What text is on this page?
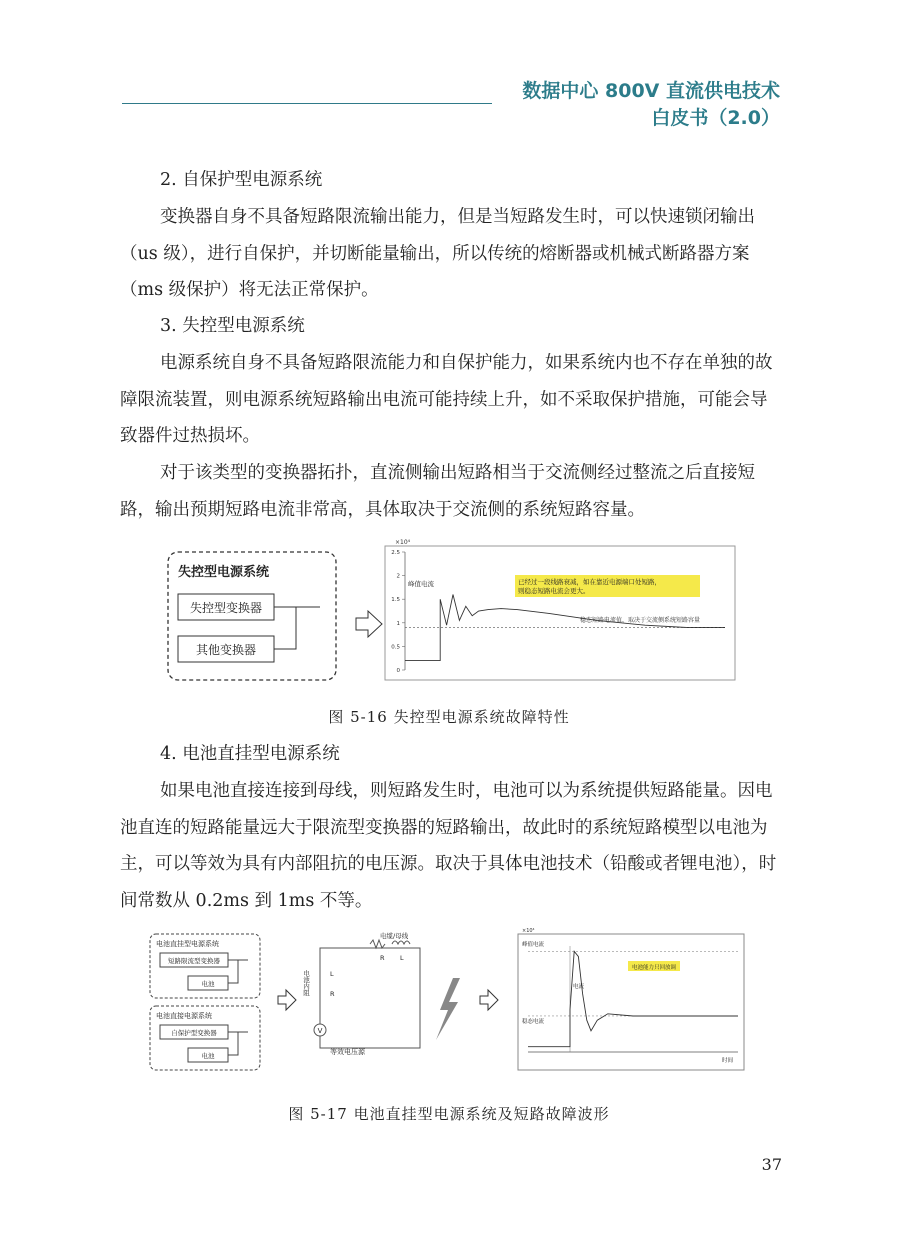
数据中心 800V 直流供电技术
白皮书（2.0）

2. 自保护型电源系统

变换器自身不具备短路限流输出能力，但是当短路发生时，可以快速锁闭输出（us 级），进行自保护，并切断能量输出，所以传统的熔断器或机械式断路器方案（ms 级保护）将无法正常保护。

3. 失控型电源系统

电源系统自身不具备短路限流能力和自保护能力，如果系统内也不存在单独的故障限流装置，则电源系统短路输出电流可能持续上升，如不采取保护措施，可能会导致器件过热损坏。

对于该类型的变换器拓扑，直流侧输出短路相当于交流侧经过整流之后直接短路，输出预期短路电流非常高，具体取决于交流侧的系统短路容量。

失控型电源系统
失控型变换器
其他变换器
0
0.5
1
1.5
2
2.5
峰值电流	已经过一段线路衰减，如在靠近电源端口处短路，
则稳态短路电流会更大。
稳态短路电流值，取决于交流侧系统短路容量
×10⁴
图 5-16 失控型电源系统故障特性

4. 电池直挂型电源系统

如果电池直接连接到母线，则短路发生时，电池可以为系统提供短路能量。因电池直连的短路能量远大于限流型变换器的短路输出，故此时的系统短路模型以电池为主，可以等效为具有内部阻抗的电压源。取决于具体电池技术（铅酸或者锂电池），时间常数从 0.2ms 到 1ms 不等。

电池直挂型电源系统
短路限流型变换器
电池
电池直接电源系统
自保护型变换器
电池
电缆/母线
R L
电池内阻	L
R
V
等效电压源
峰值电流
稳态电流
时间
电流
×10⁴
电池能力只回放调
图 5-17 电池直挂型电源系统及短路故障波形
37
